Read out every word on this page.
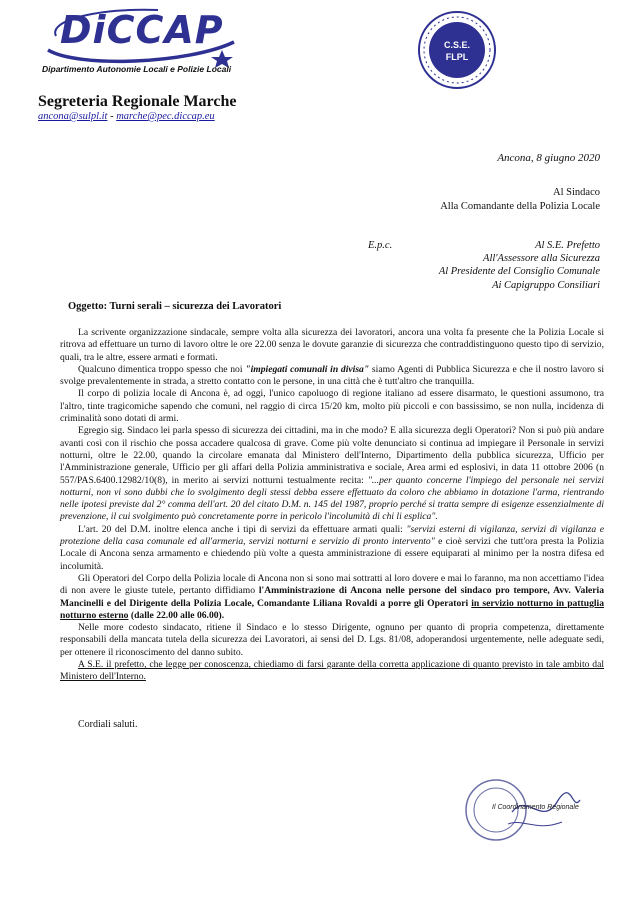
DiCCAP
Dipartimento Autonomie Locali e Polizie Locali
C.S.E.
FLPL
Segreteria Regionale Marche
ancona@sulpl.it - marche@pec.diccap.eu
Ancona, 8 giugno 2020
Al Sindaco
Alla Comandante della Polizia Locale
E.p.c.	Al S.E. Prefetto
All'Assessore alla Sicurezza
Al Presidente del Consiglio Comunale
Ai Capigruppo Consiliari
Oggetto: Turni serali – sicurezza dei Lavoratori

La scrivente organizzazione sindacale, sempre volta alla sicurezza dei lavoratori, ancora una volta fa presente che la Polizia Locale si ritrova ad effettuare un turno di lavoro oltre le ore 22.00 senza le dovute garanzie di sicurezza che contraddistinguono questo tipo di servizio, quali, tra le altre, essere armati e formati.

Qualcuno dimentica troppo spesso che noi "impiegati comunali in divisa" siamo Agenti di Pubblica Sicurezza e che il nostro lavoro si svolge prevalentemente in strada, a stretto contatto con le persone, in una città che è tutt'altro che tranquilla.

Il corpo di polizia locale di Ancona è, ad oggi, l'unico capoluogo di regione italiano ad essere disarmato, le questioni assumono, tra l'altro, tinte tragicomiche sapendo che comuni, nel raggio di circa 15/20 km, molto più piccoli e con bassissimo, se non nulla, incidenza di criminalità sono dotati di armi.

Egregio sig. Sindaco lei parla spesso di sicurezza dei cittadini, ma in che modo? E alla sicurezza degli Operatori? Non si può più andare avanti così con il rischio che possa accadere qualcosa di grave. Come più volte denunciato si continua ad impiegare il Personale in servizi notturni, oltre le 22.00, quando la circolare emanata dal Ministero dell'Interno, Dipartimento della pubblica sicurezza, Ufficio per l'Amministrazione generale, Ufficio per gli affari della Polizia amministrativa e sociale, Area armi ed esplosivi, in data 11 ottobre 2006 (n 557/PAS.6400.12982/10(8), in merito ai servizi notturni testualmente recita: "...per quanto concerne l'impiego del personale nei servizi notturni, non vi sono dubbi che lo svolgimento degli stessi debba essere effettuato da coloro che abbiamo in dotazione l'arma, rientrando nelle ipotesi previste dal 2° comma dell'art. 20 del citato D.M. n. 145 del 1987, proprio perché si tratta sempre di esigenze essenzialmente di prevenzione, il cui svolgimento può concretamente porre in pericolo l'incolumità di chi li esplica".

L'art. 20 del D.M. inoltre elenca anche i tipi di servizi da effettuare armati quali: "servizi esterni di vigilanza, servizi di vigilanza e protezione della casa comunale ed all'armeria, servizi notturni e servizio di pronto intervento" e cioè servizi che tutt'ora presta la Polizia Locale di Ancona senza armamento e chiedendo più volte a questa amministrazione di essere equiparati al minimo per la nostra difesa ed incolumità.

Gli Operatori del Corpo della Polizia locale di Ancona non si sono mai sottratti al loro dovere e mai lo faranno, ma non accettiamo l'idea di non avere le giuste tutele, pertanto diffidiamo l'Amministrazione di Ancona nelle persone del sindaco pro tempore, Avv. Valeria Mancinelli e del Dirigente della Polizia Locale, Comandante Liliana Rovaldi a porre gli Operatori in servizio notturno in pattuglia notturno esterno (dalle 22.00 alle 06.00).

Nelle more codesto sindacato, ritiene il Sindaco e lo stesso Dirigente, ognuno per quanto di propria competenza, direttamente responsabili della mancata tutela della sicurezza dei Lavoratori, ai sensi del D. Lgs. 81/08, adoperandosi urgentemente, nelle adeguate sedi, per ottenere il riconoscimento del danno subito.

A S.E. il prefetto, che legge per conoscenza, chiediamo di farsi garante della corretta applicazione di quanto previsto in tale ambito dal Ministero dell'Interno.

Cordiali saluti.
Il Coordinamento Regionale
